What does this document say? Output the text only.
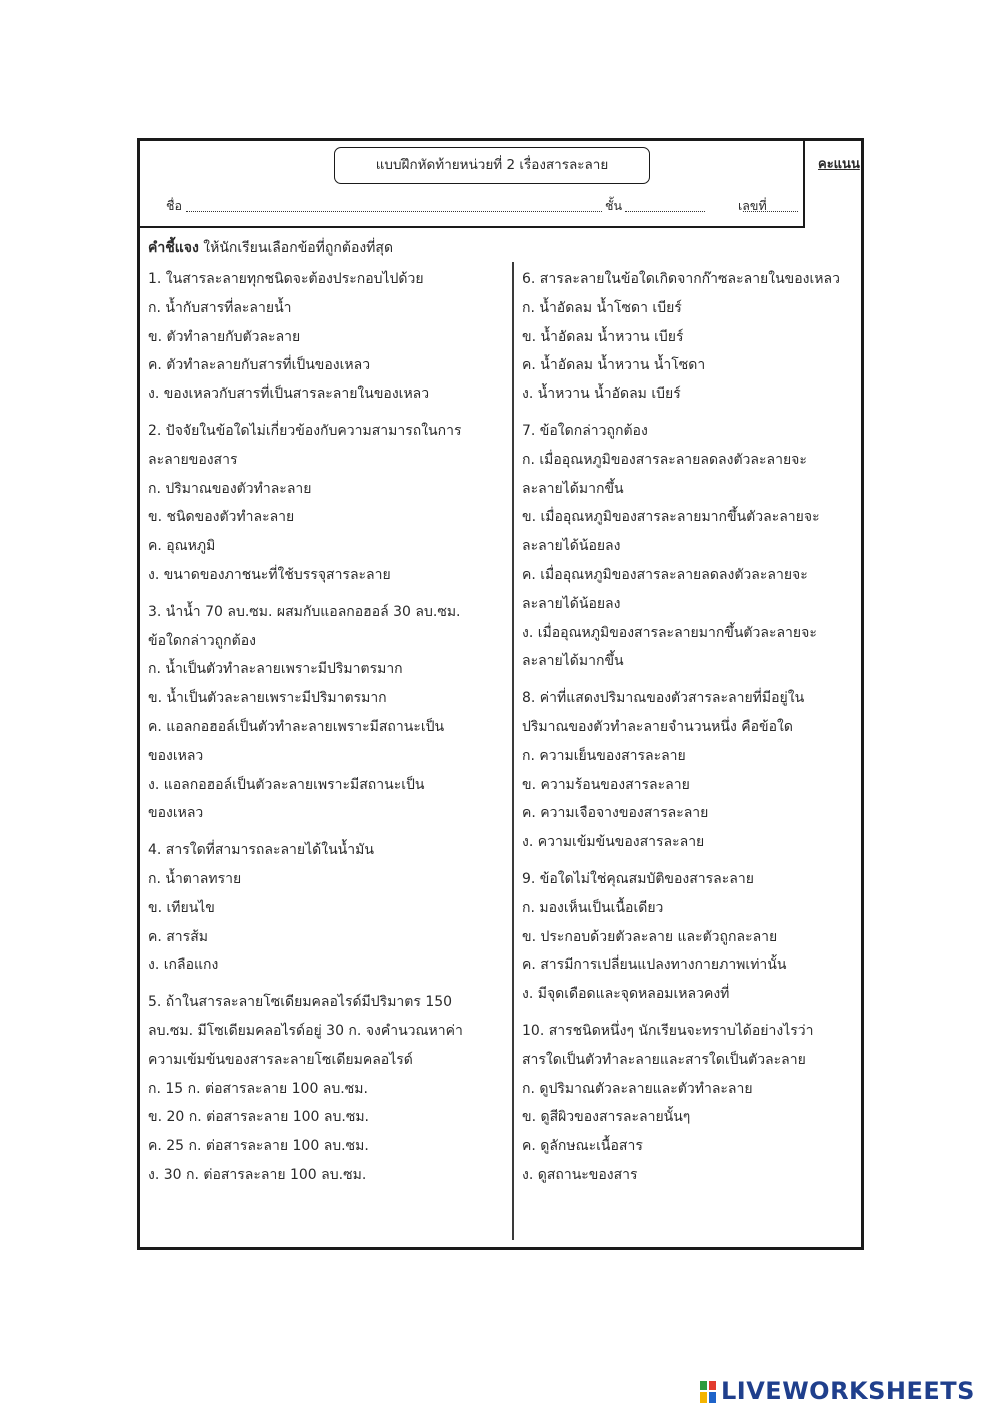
แบบฝึกหัดท้ายหน่วยที่ 2 เรื่องสารละลาย	คะแนน
ชื่อ	ชั้น	เลขที่
คำชี้แจง ให้นักเรียนเลือกข้อที่ถูกต้องที่สุด
1. ในสารละลายทุกชนิดจะต้องประกอบไปด้วย
ก. น้ำกับสารที่ละลายน้ำ
ข. ตัวทำลายกับตัวละลาย
ค. ตัวทำละลายกับสารที่เป็นของเหลว
ง. ของเหลวกับสารที่เป็นสารละลายในของเหลว
2. ปัจจัยในข้อใดไม่เกี่ยวข้องกับความสามารถในการ
ละลายของสาร
ก. ปริมาณของตัวทำละลาย
ข. ชนิดของตัวทำละลาย
ค. อุณหภูมิ
ง. ขนาดของภาชนะที่ใช้บรรจุสารละลาย
3. นำน้ำ 70 ลบ.ซม. ผสมกับแอลกอฮอล์ 30 ลบ.ซม.
ข้อใดกล่าวถูกต้อง
ก. น้ำเป็นตัวทำละลายเพราะมีปริมาตรมาก
ข. น้ำเป็นตัวละลายเพราะมีปริมาตรมาก
ค. แอลกอฮอล์เป็นตัวทำละลายเพราะมีสถานะเป็น
ของเหลว
ง. แอลกอฮอล์เป็นตัวละลายเพราะมีสถานะเป็น
ของเหลว
4. สารใดที่สามารถละลายได้ในน้ำมัน
ก. น้ำตาลทราย
ข. เทียนไข
ค. สารส้ม
ง. เกลือแกง
5. ถ้าในสารละลายโซเดียมคลอไรด์มีปริมาตร 150
ลบ.ซม. มีโซเดียมคลอไรด์อยู่ 30 ก. จงคำนวณหาค่า
ความเข้มข้นของสารละลายโซเดียมคลอไรด์
ก. 15 ก. ต่อสารละลาย 100 ลบ.ซม.
ข. 20 ก. ต่อสารละลาย 100 ลบ.ซม.
ค. 25 ก. ต่อสารละลาย 100 ลบ.ซม.
ง. 30 ก. ต่อสารละลาย 100 ลบ.ซม.
6. สารละลายในข้อใดเกิดจากก๊าซละลายในของเหลว
ก. น้ำอัดลม น้ำโซดา เบียร์
ข. น้ำอัดลม น้ำหวาน เบียร์
ค. น้ำอัดลม น้ำหวาน น้ำโซดา
ง. น้ำหวาน น้ำอัดลม เบียร์
7. ข้อใดกล่าวถูกต้อง
ก. เมื่ออุณหภูมิของสารละลายลดลงตัวละลายจะ
ละลายได้มากขึ้น
ข. เมื่ออุณหภูมิของสารละลายมากขึ้นตัวละลายจะ
ละลายได้น้อยลง
ค. เมื่ออุณหภูมิของสารละลายลดลงตัวละลายจะ
ละลายได้น้อยลง
ง. เมื่ออุณหภูมิของสารละลายมากขึ้นตัวละลายจะ
ละลายได้มากขึ้น
8. ค่าที่แสดงปริมาณของตัวสารละลายที่มีอยู่ใน
ปริมาณของตัวทำละลายจำนวนหนึ่ง คือข้อใด
ก. ความเย็นของสารละลาย
ข. ความร้อนของสารละลาย
ค. ความเจือจางของสารละลาย
ง. ความเข้มข้นของสารละลาย
9. ข้อใดไม่ใช่คุณสมบัติของสารละลาย
ก. มองเห็นเป็นเนื้อเดียว
ข. ประกอบด้วยตัวละลาย และตัวถูกละลาย
ค. สารมีการเปลี่ยนแปลงทางกายภาพเท่านั้น
ง. มีจุดเดือดและจุดหลอมเหลวคงที่
10. สารชนิดหนึ่งๆ นักเรียนจะทราบได้อย่างไรว่า
สารใดเป็นตัวทำละลายและสารใดเป็นตัวละลาย
ก. ดูปริมาณตัวละลายและตัวทำละลาย
ข. ดูสีผิวของสารละลายนั้นๆ
ค. ดูลักษณะเนื้อสาร
ง. ดูสถานะของสาร
LIVEWORKSHEETS
